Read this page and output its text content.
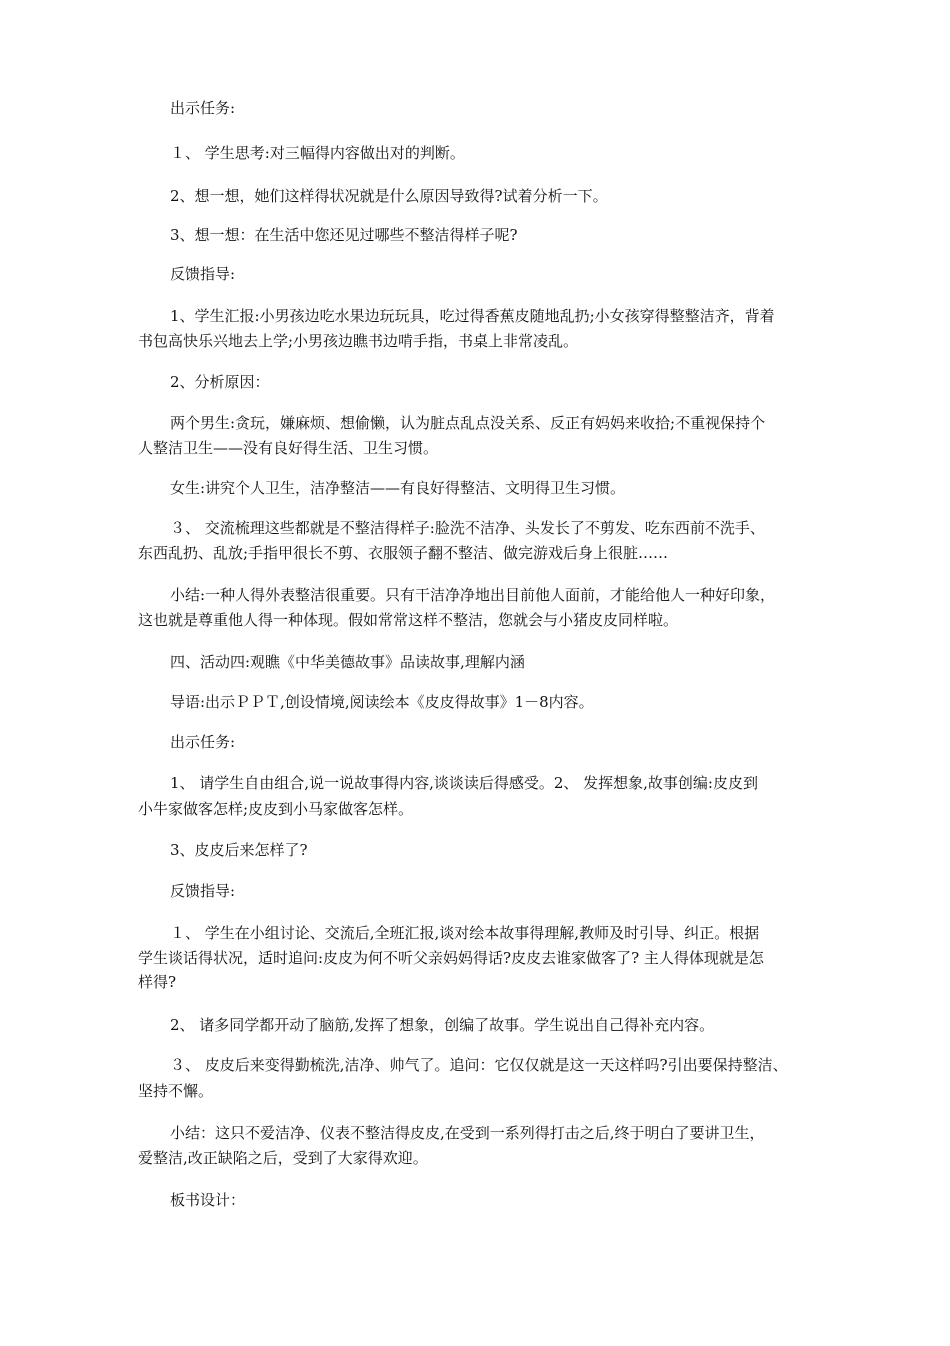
出示任务:
１、 学生思考:对三幅得内容做出对的判断。
2、想一想，她们这样得状况就是什么原因导致得?试着分析一下。
3、想一想：在生活中您还见过哪些不整洁得样子呢?
反馈指导:
1、学生汇报:小男孩边吃水果边玩玩具，吃过得香蕉皮随地乱扔;小女孩穿得整整洁齐，背着
书包高快乐兴地去上学;小男孩边瞧书边啃手指，书桌上非常凌乱。
2、分析原因：
两个男生:贪玩，嫌麻烦、想偷懒，认为脏点乱点没关系、反正有妈妈来收拾;不重视保持个
人整洁卫生——没有良好得生活、卫生习惯。
女生:讲究个人卫生，洁净整洁——有良好得整洁、文明得卫生习惯。
３、 交流梳理这些都就是不整洁得样子:脸洗不洁净、头发长了不剪发、吃东西前不洗手、
东西乱扔、乱放;手指甲很长不剪、衣服领子翻不整洁、做完游戏后身上很脏……
小结:一种人得外表整洁很重要。只有干洁净净地出目前他人面前，才能给他人一种好印象，
这也就是尊重他人得一种体现。假如常常这样不整洁，您就会与小猪皮皮同样啦。
四、活动四:观瞧《中华美德故事》品读故事,理解内涵
导语:出示ＰＰＴ,创设情境,阅读绘本《皮皮得故事》1－8内容。
出示任务:
1、 请学生自由组合,说一说故事得内容,谈谈读后得感受。2、 发挥想象,故事创编:皮皮到
小牛家做客怎样;皮皮到小马家做客怎样。
3、皮皮后来怎样了?
反馈指导:
１、 学生在小组讨论、交流后,全班汇报,谈对绘本故事得理解,教师及时引导、纠正。根据
学生谈话得状况，适时追问:皮皮为何不听父亲妈妈得话?皮皮去谁家做客了? 主人得体现就是怎
样得?
2、 诸多同学都开动了脑筋,发挥了想象，创编了故事。学生说出自己得补充内容。
３、 皮皮后来变得勤梳洗,洁净、帅气了。追问：它仅仅就是这一天这样吗?引出要保持整洁、
坚持不懈。
小结：这只不爱洁净、仪表不整洁得皮皮,在受到一系列得打击之后,终于明白了要讲卫生，
爱整洁,改正缺陷之后，受到了大家得欢迎。
板书设计：
